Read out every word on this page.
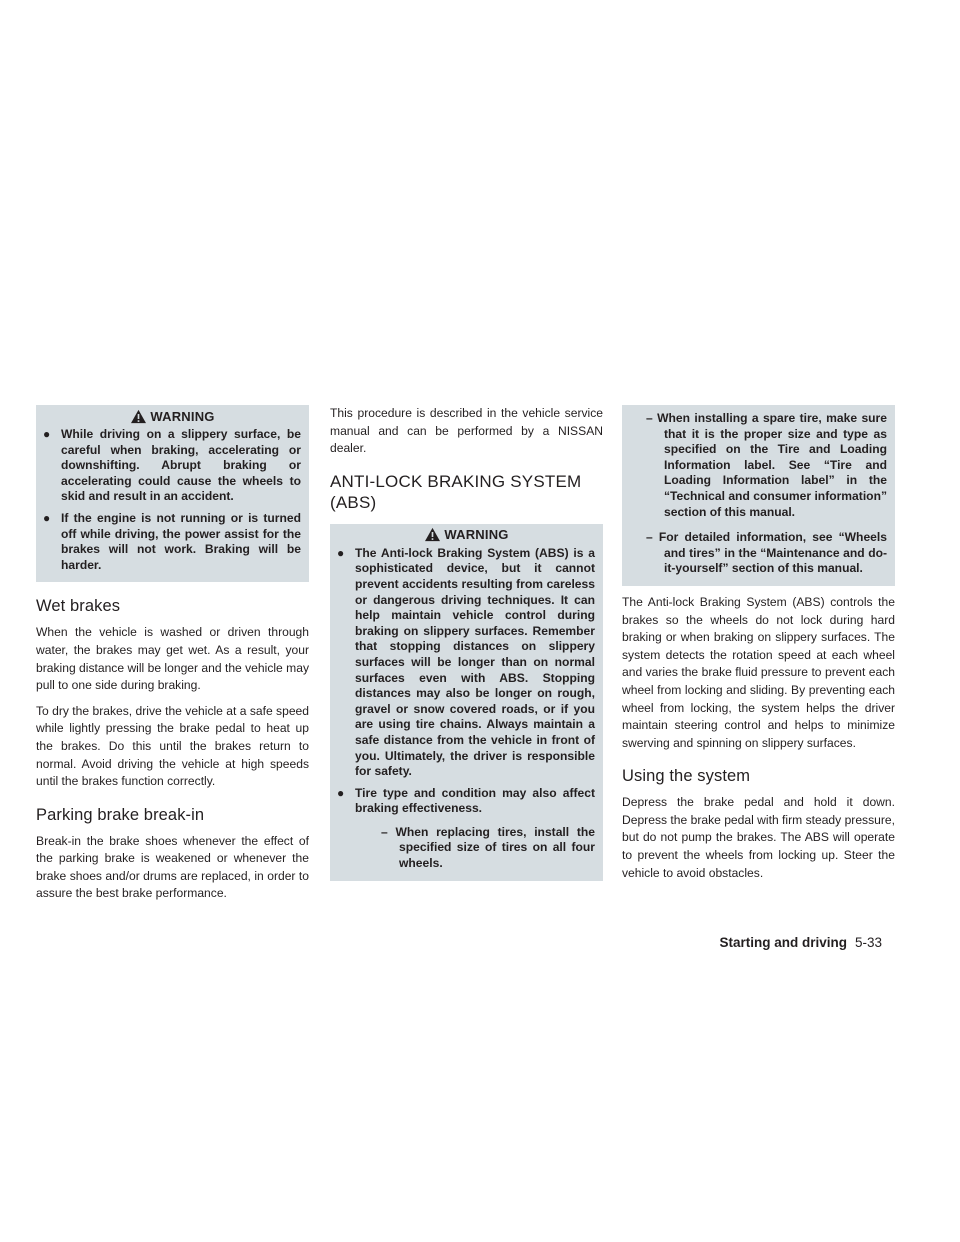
WARNING
● While driving on a slippery surface, be careful when braking, accelerating or downshifting. Abrupt braking or accelerating could cause the wheels to skid and result in an accident.
● If the engine is not running or is turned off while driving, the power assist for the brakes will not work. Braking will be harder.
Wet brakes

When the vehicle is washed or driven through water, the brakes may get wet. As a result, your braking distance will be longer and the vehicle may pull to one side during braking.

To dry the brakes, drive the vehicle at a safe speed while lightly pressing the brake pedal to heat up the brakes. Do this until the brakes return to normal. Avoid driving the vehicle at high speeds until the brakes function correctly.

Parking brake break-in

Break-in the brake shoes whenever the effect of the parking brake is weakened or whenever the brake shoes and/or drums are replaced, in order to assure the best brake performance.

This procedure is described in the vehicle service manual and can be performed by a NISSAN dealer.

ANTI-LOCK BRAKING SYSTEM (ABS)
WARNING
● The Anti-lock Braking System (ABS) is a sophisticated device, but it cannot prevent accidents resulting from careless or dangerous driving techniques. It can help maintain vehicle control during braking on slippery surfaces. Remember that stopping distances on slippery surfaces will be longer than on normal surfaces even with ABS. Stopping distances may also be longer on rough, gravel or snow covered roads, or if you are using tire chains. Always maintain a safe distance from the vehicle in front of you. Ultimately, the driver is responsible for safety.
● Tire type and condition may also affect braking effectiveness.
– When replacing tires, install the specified size of tires on all four wheels.
– When installing a spare tire, make sure that it is the proper size and type as specified on the Tire and Loading Information label. See “Tire and Loading Information label” in the “Technical and consumer information” section of this manual.
– For detailed information, see “Wheels and tires” in the “Maintenance and do-it-yourself” section of this manual.

The Anti-lock Braking System (ABS) controls the brakes so the wheels do not lock during hard braking or when braking on slippery surfaces. The system detects the rotation speed at each wheel and varies the brake fluid pressure to prevent each wheel from locking and sliding. By preventing each wheel from locking, the system helps the driver maintain steering control and helps to minimize swerving and spinning on slippery surfaces.

Using the system

Depress the brake pedal and hold it down. Depress the brake pedal with firm steady pressure, but do not pump the brakes. The ABS will operate to prevent the wheels from locking up. Steer the vehicle to avoid obstacles.

Starting and driving 5-33
